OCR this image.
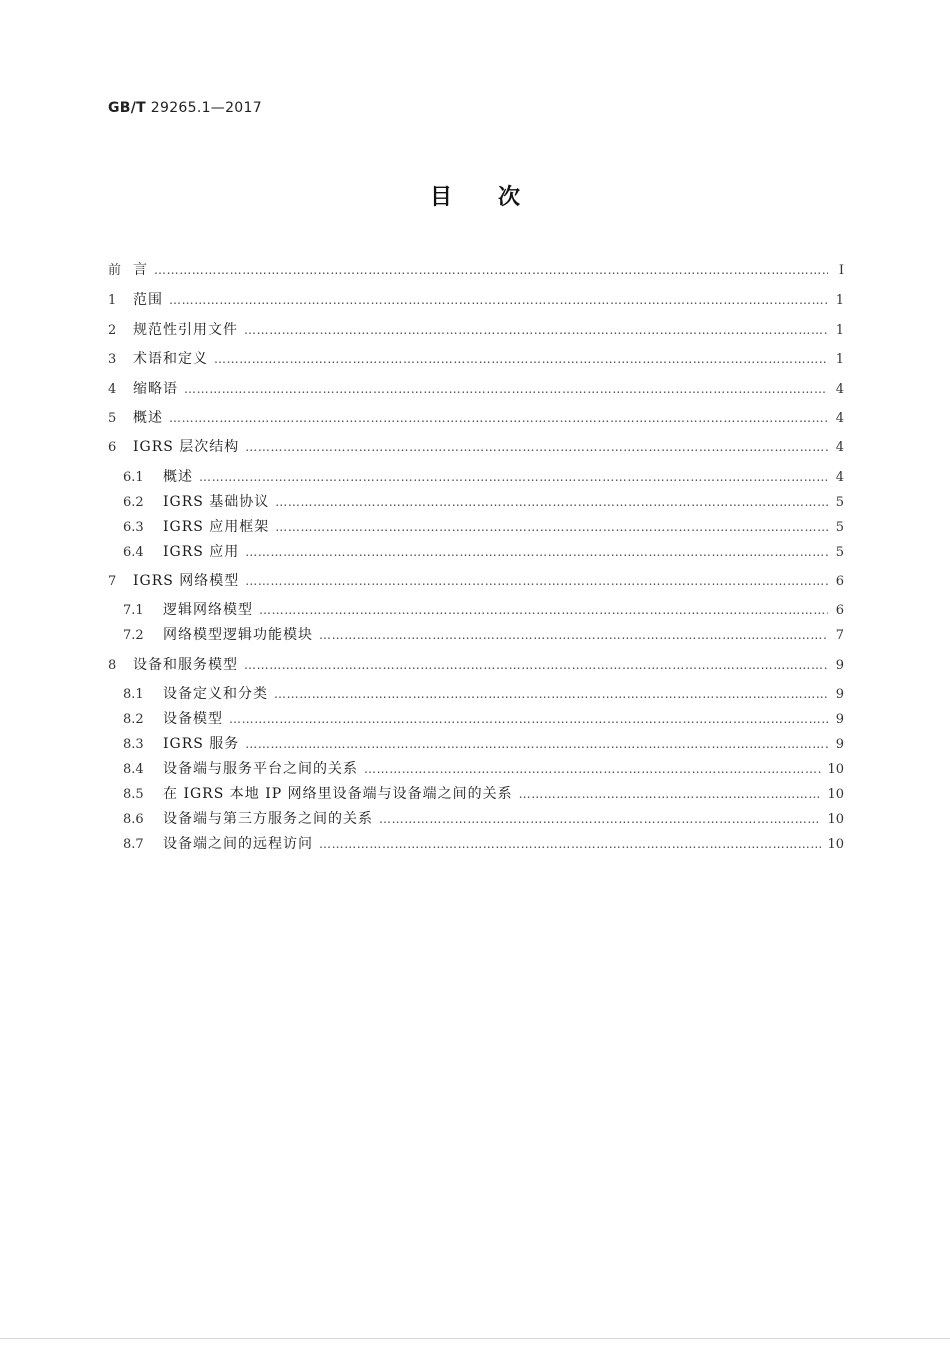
GB/T 29265.1—2017
目 次
前 言 ……………………………………………………………………………………………………………………………………………………………………………………………………………………………………	Ⅰ
1	范围 ……………………………………………………………………………………………………………………………………………………………………………………………………………………………………	1
2	规范性引用文件 ……………………………………………………………………………………………………………………………………………………………………………………………………………………………………	1
3	术语和定义 ……………………………………………………………………………………………………………………………………………………………………………………………………………………………………	1
4	缩略语 ……………………………………………………………………………………………………………………………………………………………………………………………………………………………………	4
5	概述 ……………………………………………………………………………………………………………………………………………………………………………………………………………………………………	4
6	IGRS 层次结构 ……………………………………………………………………………………………………………………………………………………………………………………………………………………………………	4
6.1	概述 ……………………………………………………………………………………………………………………………………………………………………………………………………………………………………	4
6.2	IGRS 基础协议 ……………………………………………………………………………………………………………………………………………………………………………………………………………………………………	5
6.3	IGRS 应用框架 ……………………………………………………………………………………………………………………………………………………………………………………………………………………………………	5
6.4	IGRS 应用 ……………………………………………………………………………………………………………………………………………………………………………………………………………………………………	5
7	IGRS 网络模型 ……………………………………………………………………………………………………………………………………………………………………………………………………………………………………	6
7.1	逻辑网络模型 ……………………………………………………………………………………………………………………………………………………………………………………………………………………………………	6
7.2	网络模型逻辑功能模块 ……………………………………………………………………………………………………………………………………………………………………………………………………………………………………	7
8	设备和服务模型 ……………………………………………………………………………………………………………………………………………………………………………………………………………………………………	9
8.1	设备定义和分类 ……………………………………………………………………………………………………………………………………………………………………………………………………………………………………	9
8.2	设备模型 ……………………………………………………………………………………………………………………………………………………………………………………………………………………………………	9
8.3	IGRS 服务 ……………………………………………………………………………………………………………………………………………………………………………………………………………………………………	9
8.4	设备端与服务平台之间的关系 ……………………………………………………………………………………………………………………………………………………………………………………………………………………………………	10
8.5	在 IGRS 本地 IP 网络里设备端与设备端之间的关系 ……………………………………………………………………………………………………………………………………………………………………………………………………………………………………	10
8.6	设备端与第三方服务之间的关系 ……………………………………………………………………………………………………………………………………………………………………………………………………………………………………	10
8.7	设备端之间的远程访问 ……………………………………………………………………………………………………………………………………………………………………………………………………………………………………	10
